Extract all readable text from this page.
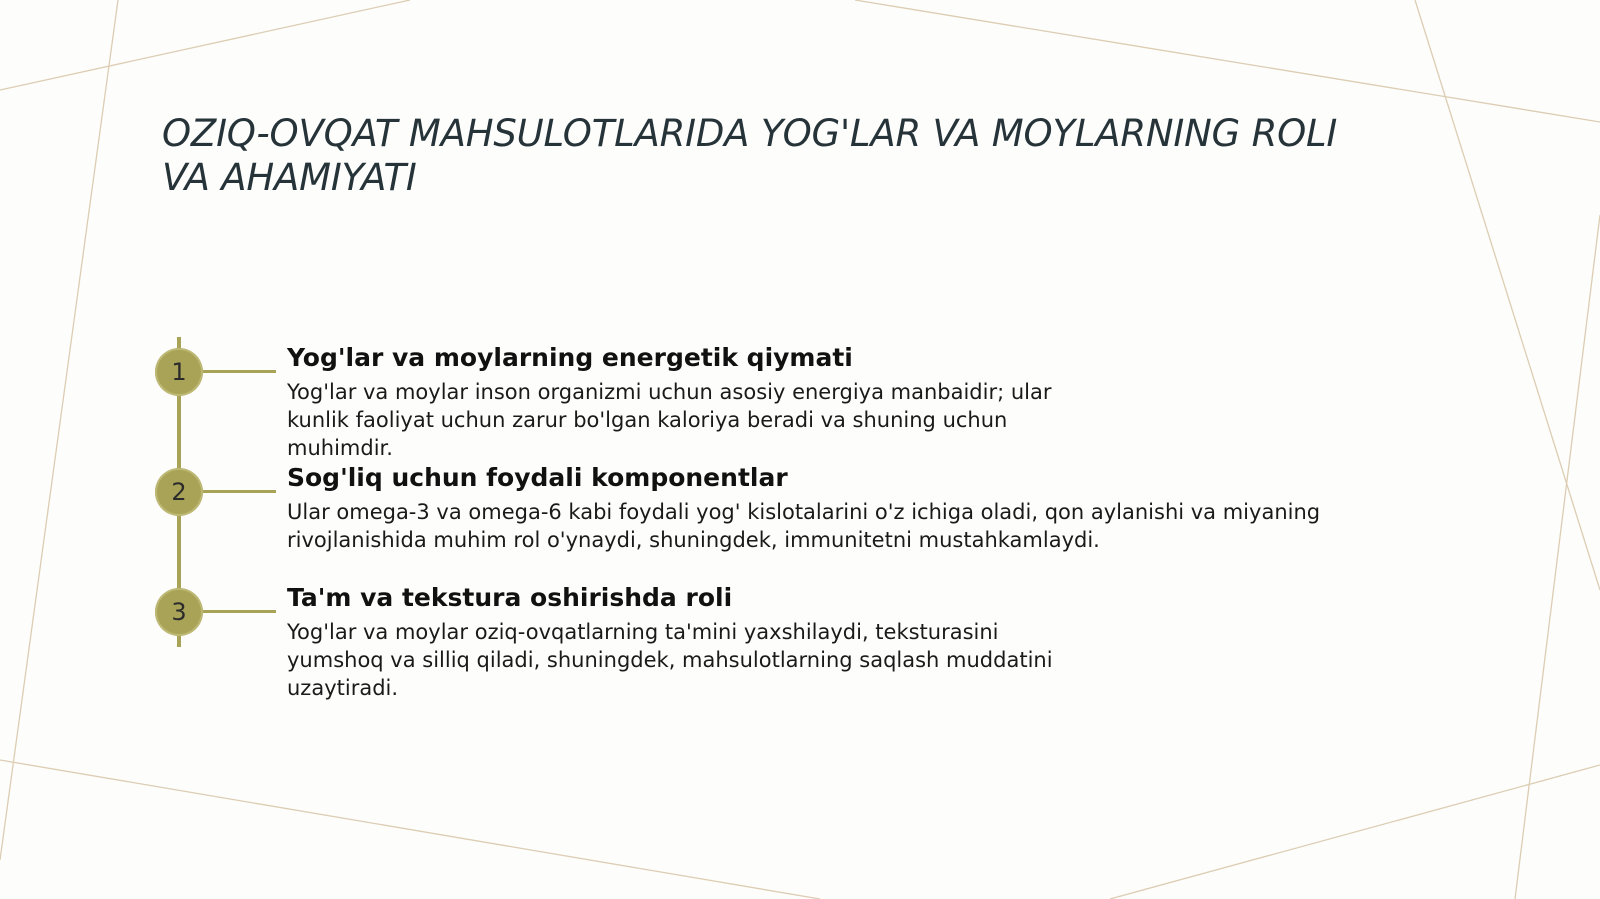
OZIQ-OVQAT MAHSULOTLARIDA YOG'LAR VA MOYLARNING ROLI VA AHAMIYATI
1	Yog'lar va moylarning energetik qiymati
Yog'lar va moylar inson organizmi uchun asosiy energiya manbaidir; ular kunlik faoliyat uchun zarur bo'lgan kaloriya beradi va shuning uchun muhimdir.
2	Sog'liq uchun foydali komponentlar
Ular omega-3 va omega-6 kabi foydali yog' kislotalarini o'z ichiga oladi, qon aylanishi va miyaning rivojlanishida muhim rol o'ynaydi, shuningdek, immunitetni mustahkamlaydi.
3	Ta'm va tekstura oshirishda roli
Yog'lar va moylar oziq-ovqatlarning ta'mini yaxshilaydi, teksturasini yumshoq va silliq qiladi, shuningdek, mahsulotlarning saqlash muddatini uzaytiradi.
